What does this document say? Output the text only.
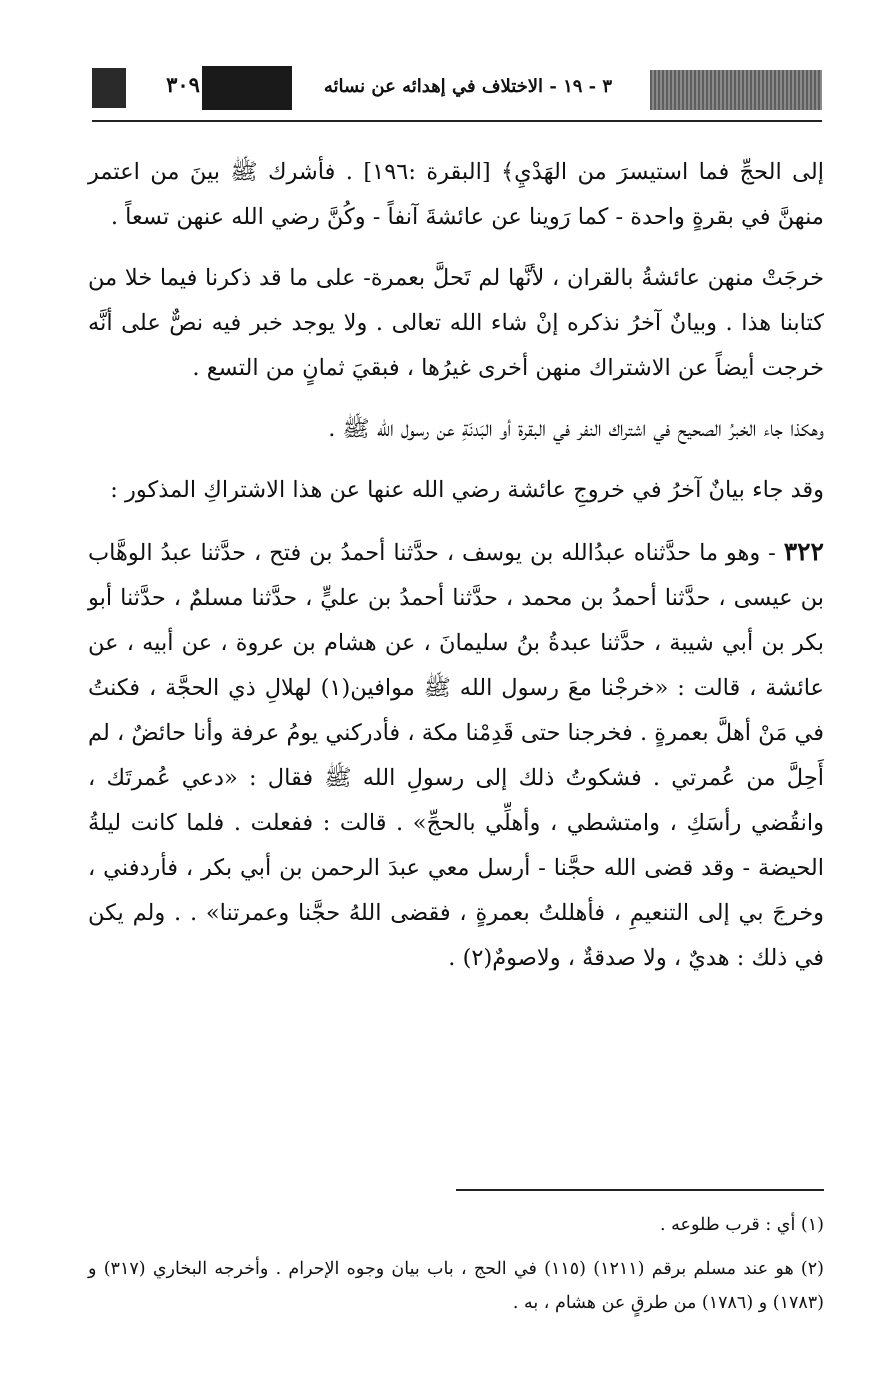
٣٠٩	٣ - ١٩ - الاختلاف في إهدائه عن نسائه

إلى الحجِّ فما استيسرَ من الهَدْيِ﴾ [البقرة :١٩٦] . فأشرك ﷺ بينَ من اعتمر منهنَّ في بقرةٍ واحدة - كما رَوينا عن عائشةَ آنفاً - وكُنَّ رضي الله عنهن تسعاً .

خرجَتْ منهن عائشةُ بالقران ، لأنَّها لم تَحلَّ بعمرة- على ما قد ذكرنا فيما خلا من كتابنا هذا . وبيانٌ آخرُ نذكره إنْ شاء الله تعالى . ولا يوجد خبر فيه نصٌّ على أنَّه خرجت أيضاً عن الاشتراك منهن أخرى غيرُها ، فبقيَ ثمانٍ من التسع .

وهكذا جاء الخبرُ الصحيح في اشتراك النفر في البقرة أو البَدنَةِ عن رسول الله ﷺ .

وقد جاء بيانٌ آخرُ في خروجِ عائشة رضي الله عنها عن هذا الاشتراكِ المذكور :

٣٢٢ - وهو ما حدَّثناه عبدُالله بن يوسف ، حدَّثنا أحمدُ بن فتح ، حدَّثنا عبدُ الوهَّاب بن عيسى ، حدَّثنا أحمدُ بن محمد ، حدَّثنا أحمدُ بن عليٍّ ، حدَّثنا مسلمٌ ، حدَّثنا أبو بكر بن أبي شيبة ، حدَّثنا عبدةُ بنُ سليمانَ ، عن هشام بن عروة ، عن أبيه ، عن عائشة ، قالت : «خرجْنا معَ رسول الله ﷺ موافين(١) لهلالِ ذي الحجَّة ، فكنتُ في مَنْ أهلَّ بعمرةٍ . فخرجنا حتى قَدِمْنا مكة ، فأدركني يومُ عرفة وأنا حائضٌ ، لم أَحِلَّ من عُمرتي . فشكوتُ ذلك إلى رسولِ الله ﷺ فقال : «دعي عُمرتَك ، وانقُضي رأسَكِ ، وامتشطي ، وأهلِّي بالحجِّ» . قالت : ففعلت . فلما كانت ليلةُ الحيضة - وقد قضى الله حجَّنا - أرسل معي عبدَ الرحمن بن أبي بكر ، فأردفني ، وخرجَ بي إلى التنعيمِ ، فأهللتُ بعمرةٍ ، فقضى اللهُ حجَّنا وعمرتنا» . . ولم يكن في ذلك : هديٌ ، ولا صدقةٌ ، ولاصومٌ(٢) .

(١) أي : قرب طلوعه .

(٢) هو عند مسلم برقم (١٢١١) (١١٥) في الحج ، باب بيان وجوه الإحرام . وأخرجه البخاري (٣١٧) و (١٧٨٣) و (١٧٨٦) من طرقٍ عن هشام ، به .
